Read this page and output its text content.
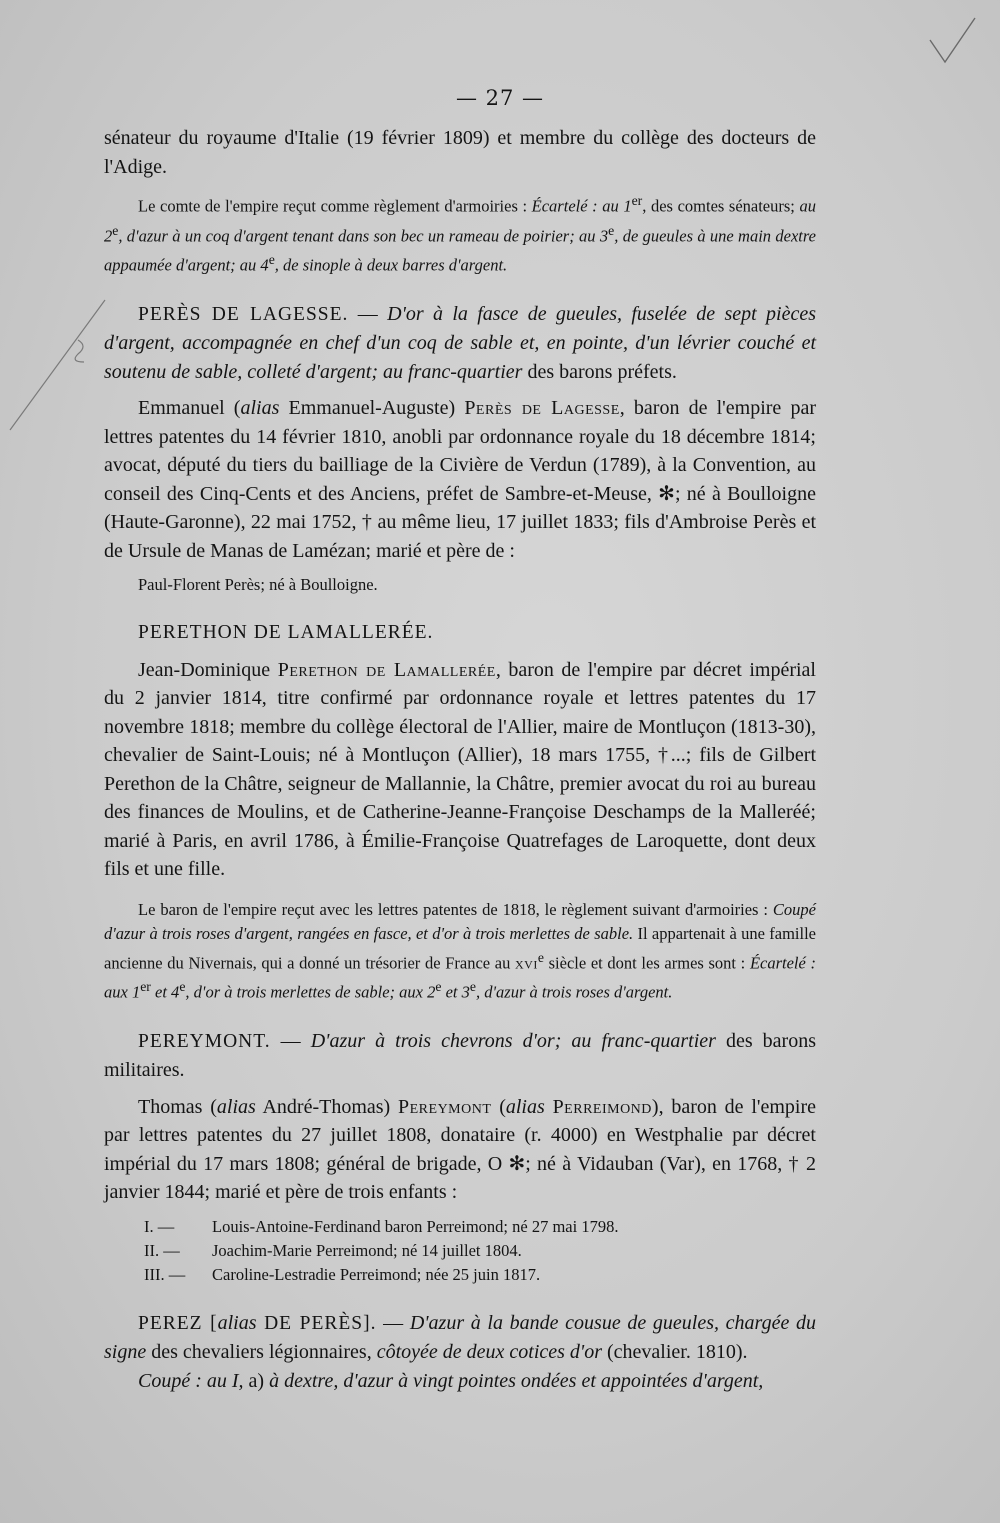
— 27 —

sénateur du royaume d'Italie (19 février 1809) et membre du collège des docteurs de l'Adige.

Le comte de l'empire reçut comme règlement d'armoiries : Écartelé : au 1er, des comtes sénateurs; au 2e, d'azur à un coq d'argent tenant dans son bec un rameau de poirier; au 3e, de gueules à une main dextre appaumée d'argent; au 4e, de sinople à deux barres d'argent.

PERÈS DE LAGESSE. — D'or à la fasce de gueules, fuselée de sept pièces d'argent, accompagnée en chef d'un coq de sable et, en pointe, d'un lévrier couché et soutenu de sable, colleté d'argent; au franc-quartier des barons préfets.

Emmanuel (alias Emmanuel-Auguste) Perès de Lagesse, baron de l'empire par lettres patentes du 14 février 1810, anobli par ordonnance royale du 18 décembre 1814; avocat, député du tiers du bailliage de la Civière de Verdun (1789), à la Convention, au conseil des Cinq-Cents et des Anciens, préfet de Sambre-et-Meuse, ✻; né à Boulloigne (Haute-Garonne), 22 mai 1752, † au même lieu, 17 juillet 1833; fils d'Ambroise Perès et de Ursule de Manas de Lamézan; marié et père de :

Paul-Florent Perès; né à Boulloigne.

PERETHON DE LAMALLERÉE.

Jean-Dominique Perethon de Lamallerée, baron de l'empire par décret impérial du 2 janvier 1814, titre confirmé par ordonnance royale et lettres patentes du 17 novembre 1818; membre du collège électoral de l'Allier, maire de Montluçon (1813-30), chevalier de Saint-Louis; né à Montluçon (Allier), 18 mars 1755, †...; fils de Gilbert Perethon de la Châtre, seigneur de Mallannie, la Châtre, premier avocat du roi au bureau des finances de Moulins, et de Catherine-Jeanne-Françoise Deschamps de la Malleréé; marié à Paris, en avril 1786, à Émilie-Françoise Quatrefages de Laroquette, dont deux fils et une fille.

Le baron de l'empire reçut avec les lettres patentes de 1818, le règlement suivant d'armoiries : Coupé d'azur à trois roses d'argent, rangées en fasce, et d'or à trois merlettes de sable. Il appartenait à une famille ancienne du Nivernais, qui a donné un trésorier de France au xvi$^e$ siècle et dont les armes sont : Écartelé : aux 1er et 4e, d'or à trois merlettes de sable; aux 2e et 3e, d'azur à trois roses d'argent.

PEREYMONT. — D'azur à trois chevrons d'or; au franc-quartier des barons militaires.

Thomas (alias André-Thomas) Pereymont (alias Perreimond), baron de l'empire par lettres patentes du 27 juillet 1808, donataire (r. 4000) en Westphalie par décret impérial du 17 mars 1808; général de brigade, O ✻; né à Vidauban (Var), en 1768, † 2 janvier 1844; marié et père de trois enfants :

I. — Louis-Antoine-Ferdinand baron Perreimond; né 27 mai 1798.

II. — Joachim-Marie Perreimond; né 14 juillet 1804.

III. — Caroline-Lestradie Perreimond; née 25 juin 1817.

PEREZ [alias DE PERÈS]. — D'azur à la bande cousue de gueules, chargée du signe des chevaliers légionnaires, côtoyée de deux cotices d'or (chevalier. 1810).

Coupé : au I, a) à dextre, d'azur à vingt pointes ondées et appointées d'argent,
